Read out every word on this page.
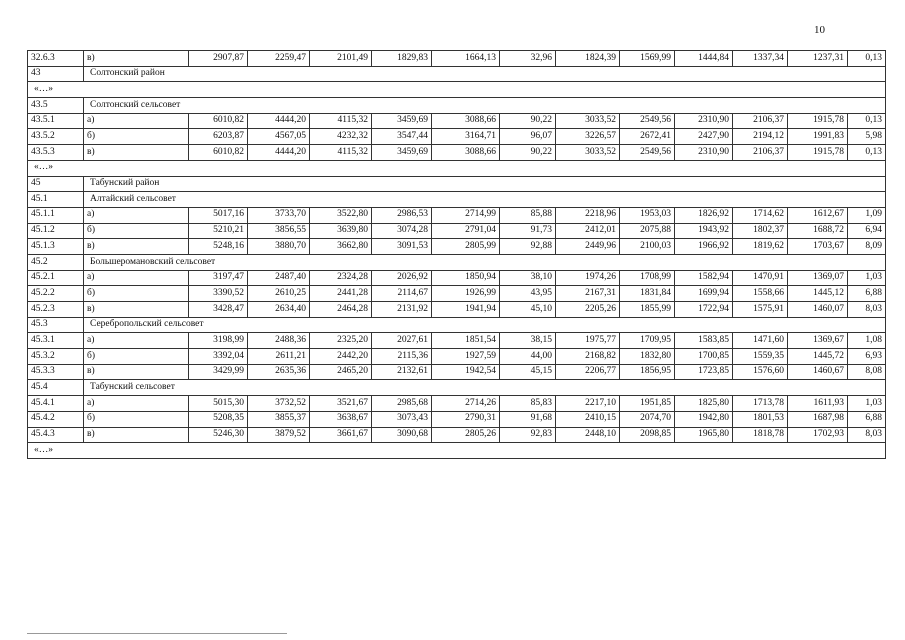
10
32.6.3	в)	2907,87	2259,47	2101,49	1829,83	1664,13	32,96	1824,39	1569,99	1444,84	1337,34	1237,31	0,13
43	Солтонский район												
«…»													
43.5	Солтонский сельсовет												
43.5.1	а)	6010,82	4444,20	4115,32	3459,69	3088,66	90,22	3033,52	2549,56	2310,90	2106,37	1915,78	0,13
43.5.2	б)	6203,87	4567,05	4232,32	3547,44	3164,71	96,07	3226,57	2672,41	2427,90	2194,12	1991,83	5,98
43.5.3	в)	6010,82	4444,20	4115,32	3459,69	3088,66	90,22	3033,52	2549,56	2310,90	2106,37	1915,78	0,13
«…»													
45	Табунский район												
45.1	Алтайский сельсовет												
45.1.1	а)	5017,16	3733,70	3522,80	2986,53	2714,99	85,88	2218,96	1953,03	1826,92	1714,62	1612,67	1,09
45.1.2	б)	5210,21	3856,55	3639,80	3074,28	2791,04	91,73	2412,01	2075,88	1943,92	1802,37	1688,72	6,94
45.1.3	в)	5248,16	3880,70	3662,80	3091,53	2805,99	92,88	2449,96	2100,03	1966,92	1819,62	1703,67	8,09
45.2	Большеромановский сельсовет												
45.2.1	а)	3197,47	2487,40	2324,28	2026,92	1850,94	38,10	1974,26	1708,99	1582,94	1470,91	1369,07	1,03
45.2.2	б)	3390,52	2610,25	2441,28	2114,67	1926,99	43,95	2167,31	1831,84	1699,94	1558,66	1445,12	6,88
45.2.3	в)	3428,47	2634,40	2464,28	2131,92	1941,94	45,10	2205,26	1855,99	1722,94	1575,91	1460,07	8,03
45.3	Серебропольский сельсовет												
45.3.1	а)	3198,99	2488,36	2325,20	2027,61	1851,54	38,15	1975,77	1709,95	1583,85	1471,60	1369,67	1,08
45.3.2	б)	3392,04	2611,21	2442,20	2115,36	1927,59	44,00	2168,82	1832,80	1700,85	1559,35	1445,72	6,93
45.3.3	в)	3429,99	2635,36	2465,20	2132,61	1942,54	45,15	2206,77	1856,95	1723,85	1576,60	1460,67	8,08
45.4	Табунский сельсовет												
45.4.1	а)	5015,30	3732,52	3521,67	2985,68	2714,26	85,83	2217,10	1951,85	1825,80	1713,78	1611,93	1,03
45.4.2	б)	5208,35	3855,37	3638,67	3073,43	2790,31	91,68	2410,15	2074,70	1942,80	1801,53	1687,98	6,88
45.4.3	в)	5246,30	3879,52	3661,67	3090,68	2805,26	92,83	2448,10	2098,85	1965,80	1818,78	1702,93	8,03
«…»													
